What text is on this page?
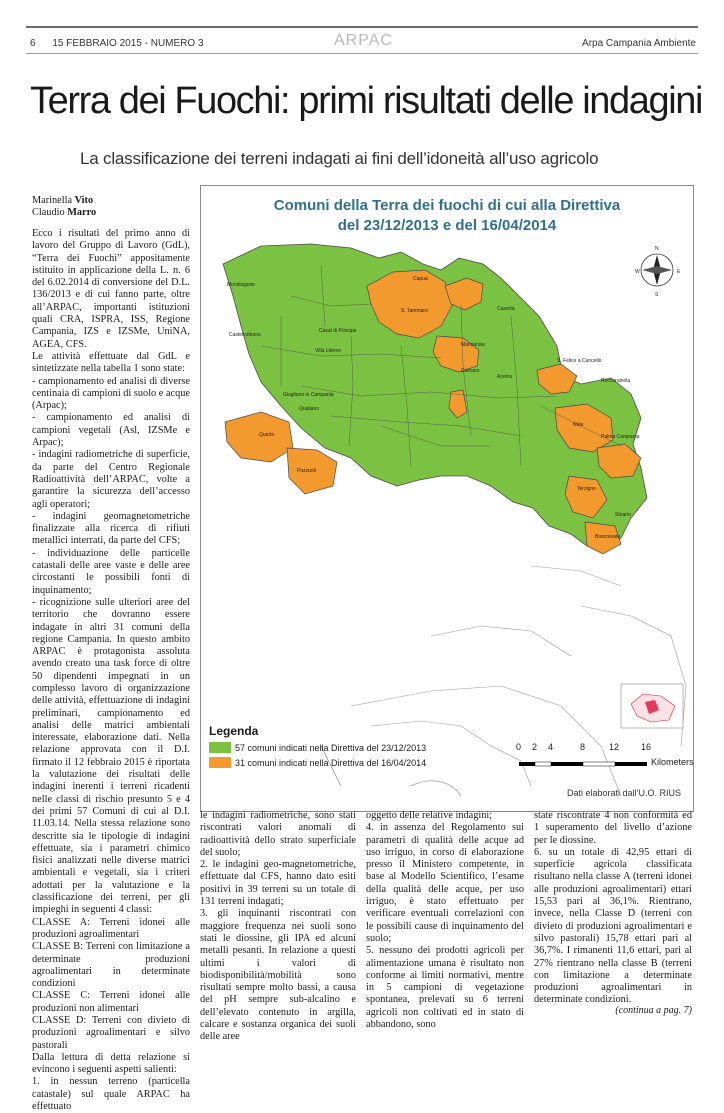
6 15 FEBBRAIO 2015 - NUMERO 3	ARPAC	Arpa Campania Ambiente
Terra dei Fuochi: primi risultati delle indagini
La classificazione dei terreni indagati ai fini dell’idoneità all’uso agricolo
Marinella Vito
Claudio Marro

Ecco i risultati del primo anno di lavoro del Gruppo di Lavoro (GdL), “Terra dei Fuochi” appositamente istituito in applicazione della L. n. 6 del 6.02.2014 di conversione del D.L. 136/2013 e di cui fanno parte, oltre all’ARPAC, importanti istituzioni quali CRA, ISPRA, ISS, Regione Campania, IZS e IZSMe, UniNA, AGEA, CFS.

Le attività effettuate dal GdL e sintetizzate nella tabella 1 sono state:

- campionamento ed analisi di diverse centinaia di campioni di suolo e acque (Arpac);

- campionamento ed analisi di campioni vegetali (Asl, IZSMe e Arpac);

- indagini radiometriche di superficie, da parte del Centro Regionale Radioattività dell’ARPAC, volte a garantire la sicurezza dell’accesso agli operatori;

- indagini geomagnetometriche finalizzate alla ricerca di rifiuti metallici interrati, da parte del CFS;

- individuazione delle particelle catastali delle aree vaste e delle aree circostanti le possibili fonti di inquinamento;

- ricognizione sulle ulteriori aree del territorio che dovranno essere indagate in altri 31 comuni della regione Campania. In questo ambito ARPAC è protagonista assoluta avendo creato una task force di oltre 50 dipendenti impegnati in un complesso lavoro di organizzazione delle attività, effettuazione di indagini preliminari, campionamento ed analisi delle matrici ambientali interessate, elaborazione dati. Nella relazione approvata con il D.I. firmato il 12 febbraio 2015 è riportata la valutazione dei risultati delle indagini inerenti i terreni ricadenti nelle classi di rischio presunto 5 e 4 dei primi 57 Comuni di cui al D.I. 11.03.14. Nella stessa relazione sono descritte sia le tipologie di indagini effettuate, sia i parametri chimico fisici analizzati nelle diverse matrici ambientali e vegetali, sia i criteri adottati per la valutazione e la classificazione dei terreni, per gli impieghi in seguenti 4 classi:

CLASSE A: Terreni idonei alle produzioni agroalimentari

CLASSE B: Terreni con limitazione a determinate produzioni agroalimentari in determinate condizioni

CLASSE C: Terreni idonei alle produzioni non alimentari

CLASSE D: Terreni con divieto di produzioni agroalimentari e silvo pastorali

Dalla lettura di detta relazione si evincono i seguenti aspetti salienti:

1. in nessun terreno (particella catastale) sul quale ARPAC ha effettuato

N
S
W	E
Mondragone
Capua
Caserta
S. Tammaro
Castelvolturno
Casal di Principe
Villa Literno
Giugliano in Campania
Qualiano
Marcianise
Caivano
Acerra
S. Felice a Cancello
Roccarainola
Nola
Pozzuoli
Quarto	Palma Campania
Terzigno
Boscoreale
Striano
Comuni della Terra dei fuochi di cui alla Direttiva
del 23/12/2013 e del 16/04/2014
Legenda
57 comuni indicati nella Direttiva del 23/12/2013
31 comuni indicati nella Direttiva del 16/04/2014
0 2 4	8	12 16
Kilometers
Dati elaborati dall’U.O. RIUS

le indagini radiometriche, sono stati riscontrati valori anomali di radioattività dello strato superficiale del suolo;

2. le indagini geo-magnetometriche, effettuate dal CFS, hanno dato esiti positivi in 39 terreni su un totale di 131 terreni indagati;

3. gli inquinanti riscontrati con maggiore frequenza nei suoli sono stati le diossine, gli IPA ed alcuni metalli pesanti. In relazione a questi ultimi i valori di biodisponibilità/mobilità sono risultati sempre molto bassi, a causa del pH sempre sub-alcalino e dell’elevato contenuto in argilla, calcare e sostanza organica dei suoli delle aree

oggetto delle relative indagini;

4. in assenza del Regolamento sui parametri di qualità delle acque ad uso irriguo, in corso di elaborazione presso il Ministero competente, in base al Modello Scientifico, l’esame della qualità delle acque, per uso irriguo, è stato effettuato per verificare eventuali correlazioni con le possibili cause di inquinamento del suolo;

5. nessuno dei prodotti agricoli per alimentazione umana è risultato non conforme ai limiti normativi, mentre in 5 campioni di vegetazione spontanea, prelevati su 6 terreni agricoli non coltivati ed in stato di abbandono, sono

state riscontrate 4 non conformità ed 1 superamento del livello d’azione per le diossine.

6. su un totale di 42,95 ettari di superficie agricola classificata risultano nella classe A (terreni idonei alle produzioni agroalimentari) ettari 15,53 pari al 36,1%. Rientrano, invece, nella Classe D (terreni con divieto di produzioni agroalimentari e silvo pastorali) 15,78 ettari pari al 36,7%. I rimanenti 11,6 ettari, pari al 27% rientrano nella classe B (terreni con limitazione a determinate produzioni agroalimentari in determinate condizioni.

(continua a pag. 7)
